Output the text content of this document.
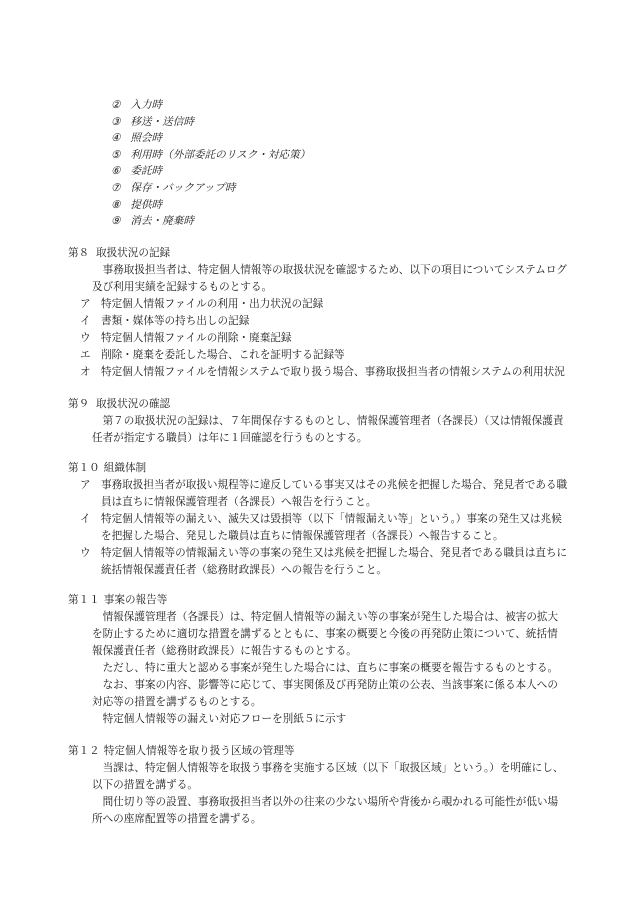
② 入力時
③ 移送・送信時
④ 照会時
⑤ 利用時（外部委託のリスク・対応策）
⑥ 委託時
⑦ 保存・バックアップ時
⑧ 提供時
⑨ 消去・廃棄時
第８ 取扱状況の記録

事務取扱担当者は、特定個人情報等の取扱状況を確認するため、以下の項目についてシステムログ及び利用実績を記録するものとする。

ア 特定個人情報ファイルの利用・出力状況の記録
イ 書類・媒体等の持ち出しの記録
ウ 特定個人情報ファイルの削除・廃棄記録
エ 削除・廃棄を委託した場合、これを証明する記録等
オ 特定個人情報ファイルを情報システムで取り扱う場合、事務取扱担当者の情報システムの利用状況
第９ 取扱状況の確認

第７の取扱状況の記録は、７年間保存するものとし、情報保護管理者（各課長）（又は情報保護責任者が指定する職員）は年に１回確認を行うものとする。

第１０ 組織体制
ア 事務取扱担当者が取扱い規程等に違反している事実又はその兆候を把握した場合、発見者である職員は直ちに情報保護管理者（各課長）へ報告を行うこと。
イ 特定個人情報等の漏えい、滅失又は毀損等（以下「情報漏えい等」という。）事案の発生又は兆候を把握した場合、発見した職員は直ちに情報保護管理者（各課長）へ報告すること。
ウ 特定個人情報等の情報漏えい等の事案の発生又は兆候を把握した場合、発見者である職員は直ちに統括情報保護責任者（総務財政課長）への報告を行うこと。
第１１ 事案の報告等

情報保護管理者（各課長）は、特定個人情報等の漏えい等の事案が発生した場合は、被害の拡大を防止するために適切な措置を講ずるとともに、事案の概要と今後の再発防止策について、統括情報保護責任者（総務財政課長）に報告するものとする。

ただし、特に重大と認める事案が発生した場合には、直ちに事案の概要を報告するものとする。

なお、事案の内容、影響等に応じて、事実関係及び再発防止策の公表、当該事案に係る本人への対応等の措置を講ずるものとする。

特定個人情報等の漏えい対応フローを別紙５に示す

第１２ 特定個人情報等を取り扱う区域の管理等

当課は、特定個人情報等を取扱う事務を実施する区域（以下「取扱区域」という。）を明確にし、以下の措置を講ずる。

間仕切り等の設置、事務取扱担当者以外の往来の少ない場所や背後から覗かれる可能性が低い場所への座席配置等の措置を講ずる。
